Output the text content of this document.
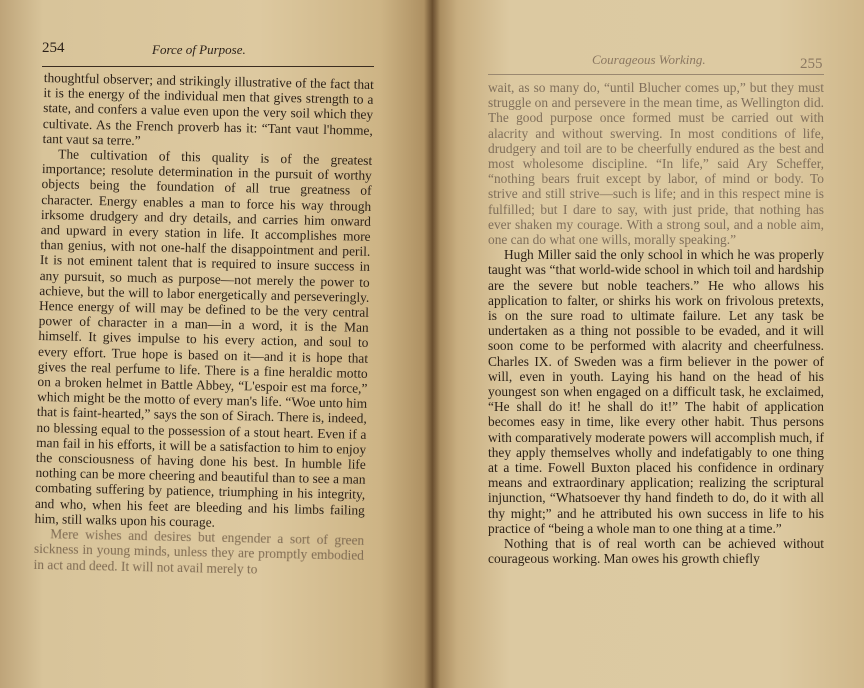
254	Force of Purpose.

thoughtful observer; and strikingly illustrative of the fact that it is the energy of the individual men that gives strength to a state, and confers a value even upon the very soil which they cultivate. As the French proverb has it: “Tant vaut l'homme, tant vaut sa terre.”

The cultivation of this quality is of the greatest importance; resolute determination in the pursuit of worthy objects being the foundation of all true greatness of character. Energy enables a man to force his way through irksome drudgery and dry details, and carries him onward and upward in every station in life. It accomplishes more than genius, with not one-half the disappointment and peril. It is not eminent talent that is required to insure success in any pursuit, so much as purpose—not merely the power to achieve, but the will to labor energetically and perseveringly. Hence energy of will may be defined to be the very central power of character in a man—in a word, it is the Man himself. It gives impulse to his every action, and soul to every effort. True hope is based on it—and it is hope that gives the real perfume to life. There is a fine heraldic motto on a broken helmet in Battle Abbey, “L'espoir est ma force,” which might be the motto of every man's life. “Woe unto him that is faint-hearted,” says the son of Sirach. There is, indeed, no blessing equal to the possession of a stout heart. Even if a man fail in his efforts, it will be a satisfaction to him to enjoy the consciousness of having done his best. In humble life nothing can be more cheering and beautiful than to see a man combating suffering by patience, triumphing in his integrity, and who, when his feet are bleeding and his limbs failing him, still walks upon his courage.

Mere wishes and desires but engender a sort of green sickness in young minds, unless they are promptly embodied in act and deed. It will not avail merely to

Courageous Working.	255

wait, as so many do, “until Blucher comes up,” but they must struggle on and persevere in the mean time, as Wellington did. The good purpose once formed must be carried out with alacrity and without swerving. In most conditions of life, drudgery and toil are to be cheerfully endured as the best and most wholesome discipline. “In life,” said Ary Scheffer, “nothing bears fruit except by labor, of mind or body. To strive and still strive—such is life; and in this respect mine is fulfilled; but I dare to say, with just pride, that nothing has ever shaken my courage. With a strong soul, and a noble aim, one can do what one wills, morally speaking.”

Hugh Miller said the only school in which he was properly taught was “that world-wide school in which toil and hardship are the severe but noble teachers.” He who allows his application to falter, or shirks his work on frivolous pretexts, is on the sure road to ultimate failure. Let any task be undertaken as a thing not possible to be evaded, and it will soon come to be performed with alacrity and cheerfulness. Charles IX. of Sweden was a firm believer in the power of will, even in youth. Laying his hand on the head of his youngest son when engaged on a difficult task, he exclaimed, “He shall do it! he shall do it!” The habit of application becomes easy in time, like every other habit. Thus persons with comparatively moderate powers will accomplish much, if they apply themselves wholly and indefatigably to one thing at a time. Fowell Buxton placed his confidence in ordinary means and extraordinary application; realizing the scriptural injunction, “Whatsoever thy hand findeth to do, do it with all thy might;” and he attributed his own success in life to his practice of “being a whole man to one thing at a time.”

Nothing that is of real worth can be achieved without courageous working. Man owes his growth chiefly
